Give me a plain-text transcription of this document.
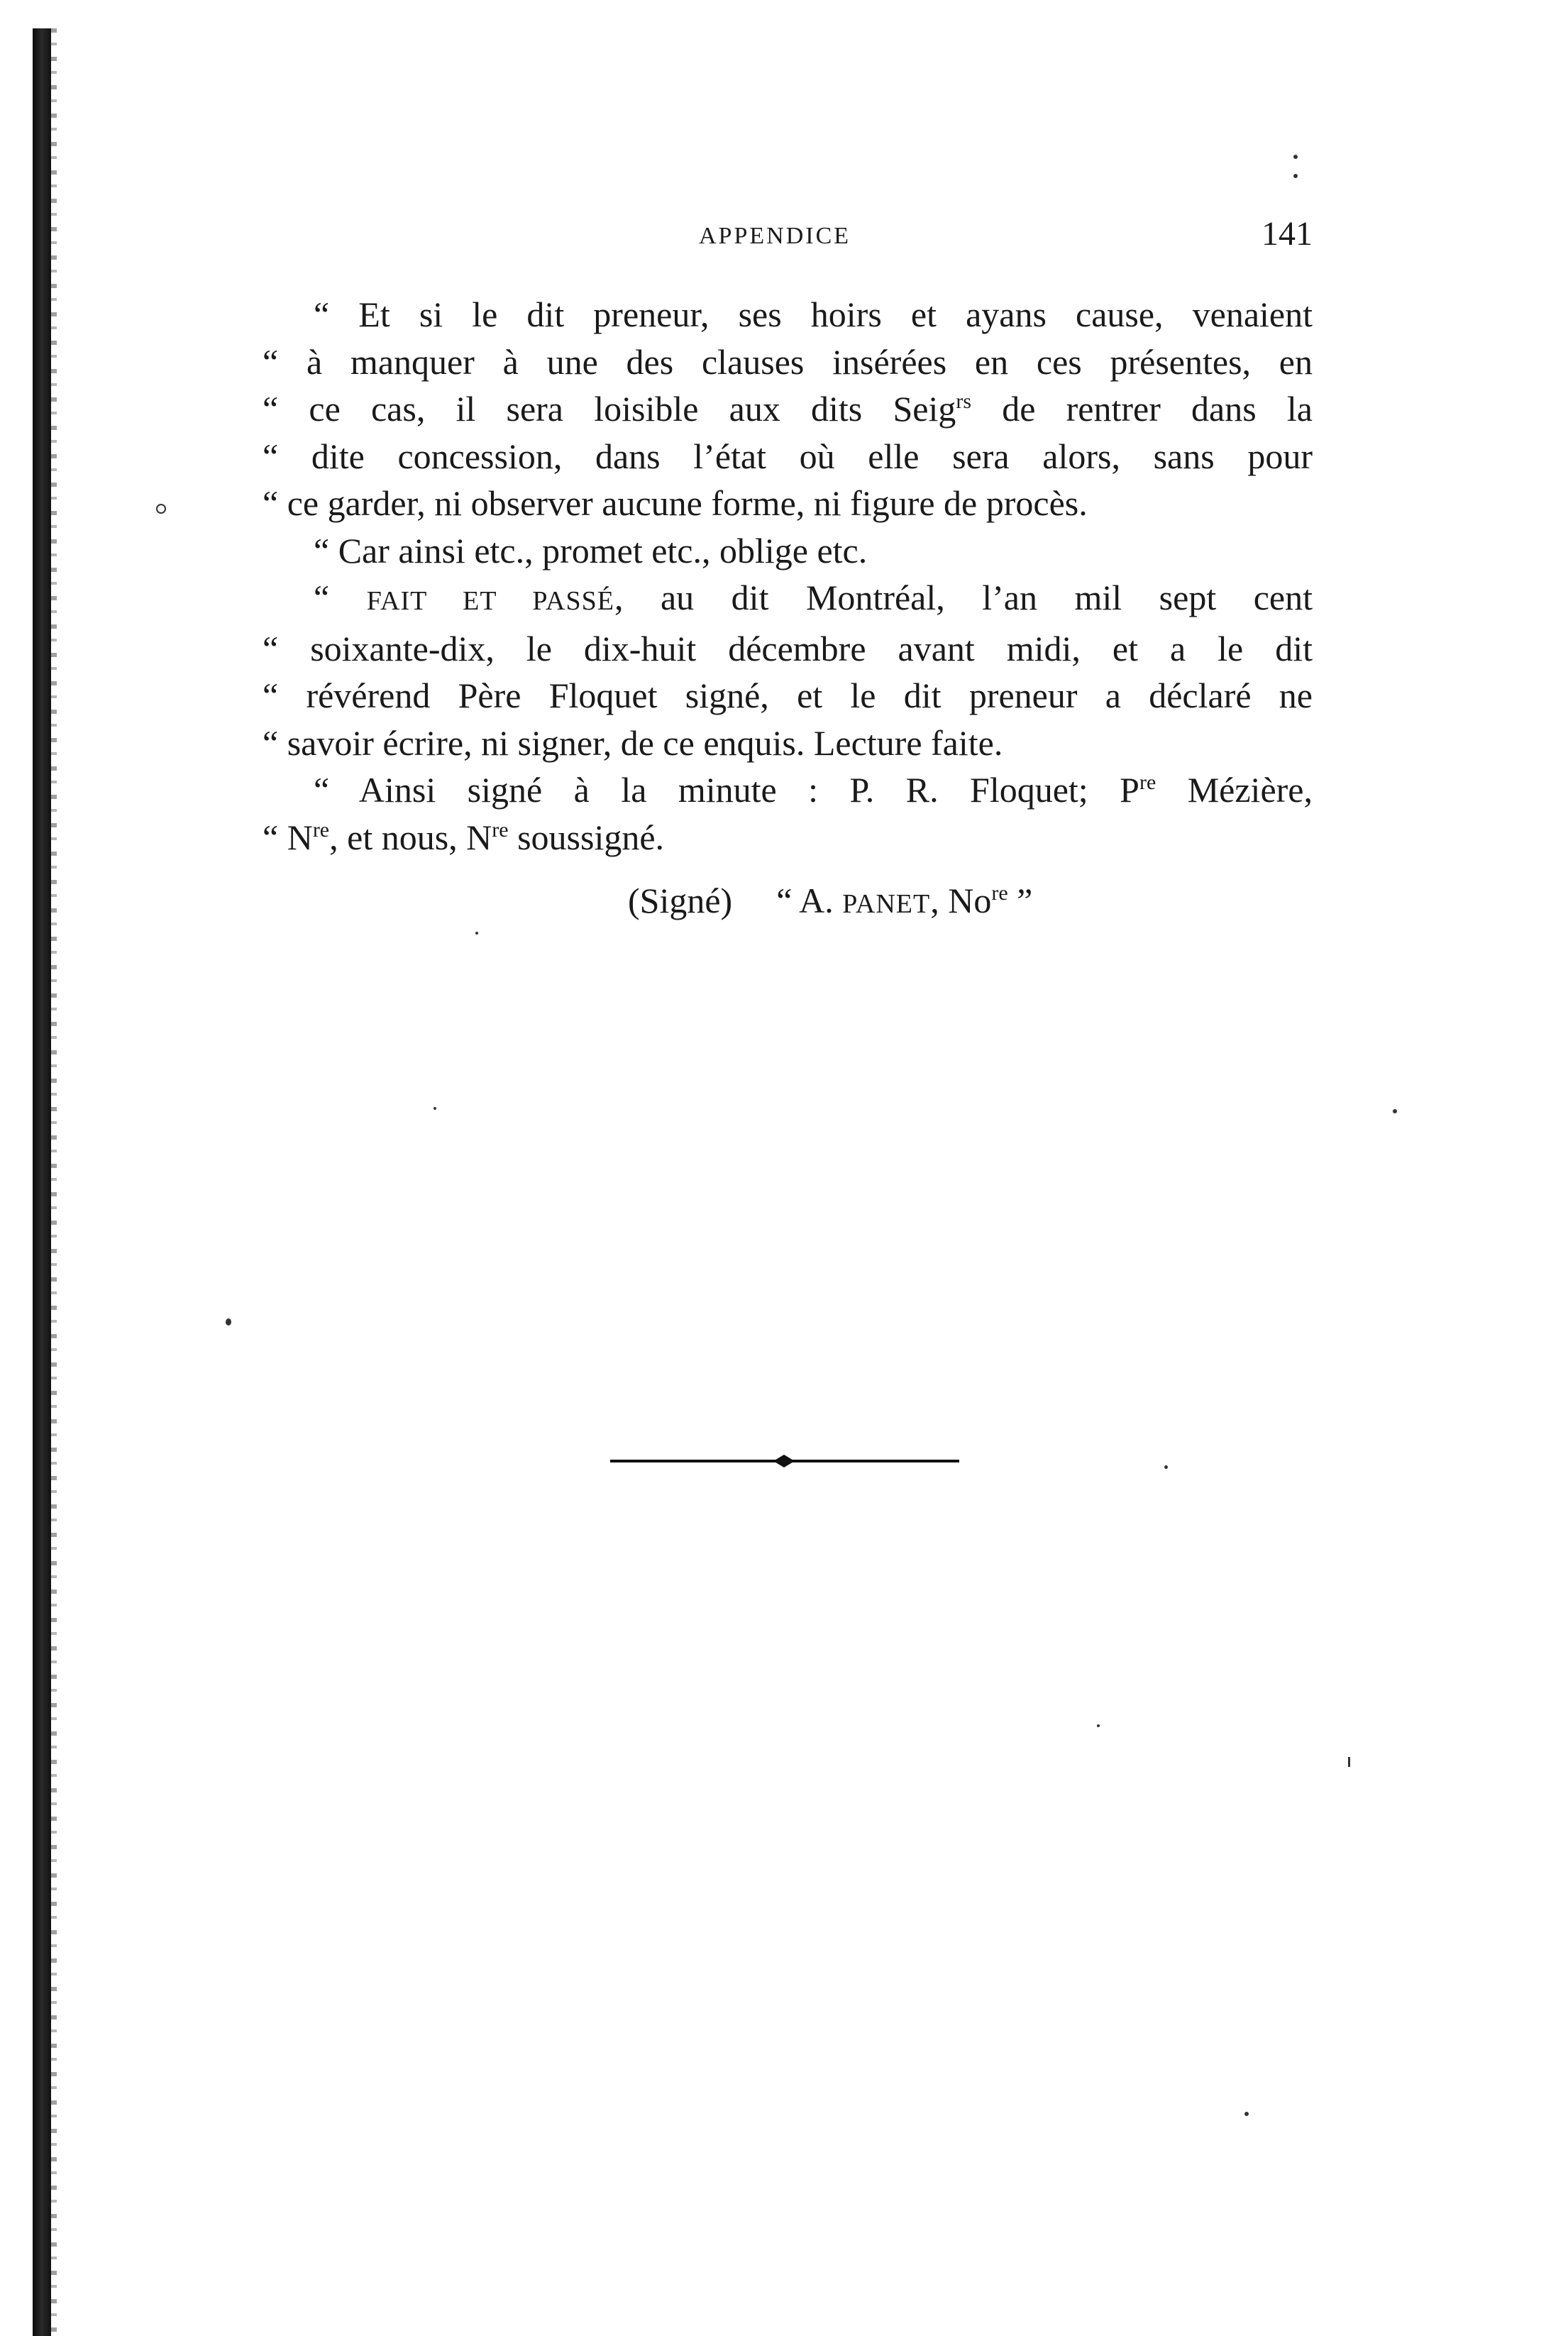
APPENDICE	141
“ Et si le dit preneur, ses hoirs et ayans cause, venaient
“ à manquer à une des clauses insérées en ces présentes, en
“ ce cas, il sera loisible aux dits Seig$^{rs}$ de rentrer dans la
“ dite concession, dans l’état où elle sera alors, sans pour
“ ce garder, ni observer aucune forme, ni figure de procès.
“ Car ainsi etc., promet etc., oblige etc.
“ FAIT ET PASSÉ, au dit Montréal, l’an mil sept cent
“ soixante-dix, le dix-huit décembre avant midi, et a le dit
“ révérend Père Floquet signé, et le dit preneur a déclaré ne
“ savoir écrire, ni signer, de ce enquis. Lecture faite.
“ Ainsi signé à la minute : P. R. Floquet; $P^{re}$ Mézière,
“ $N^{re}$, et nous, $N^{re}$ soussigné.
(Signé) “ A. PANET, $No^{re}$ ”
